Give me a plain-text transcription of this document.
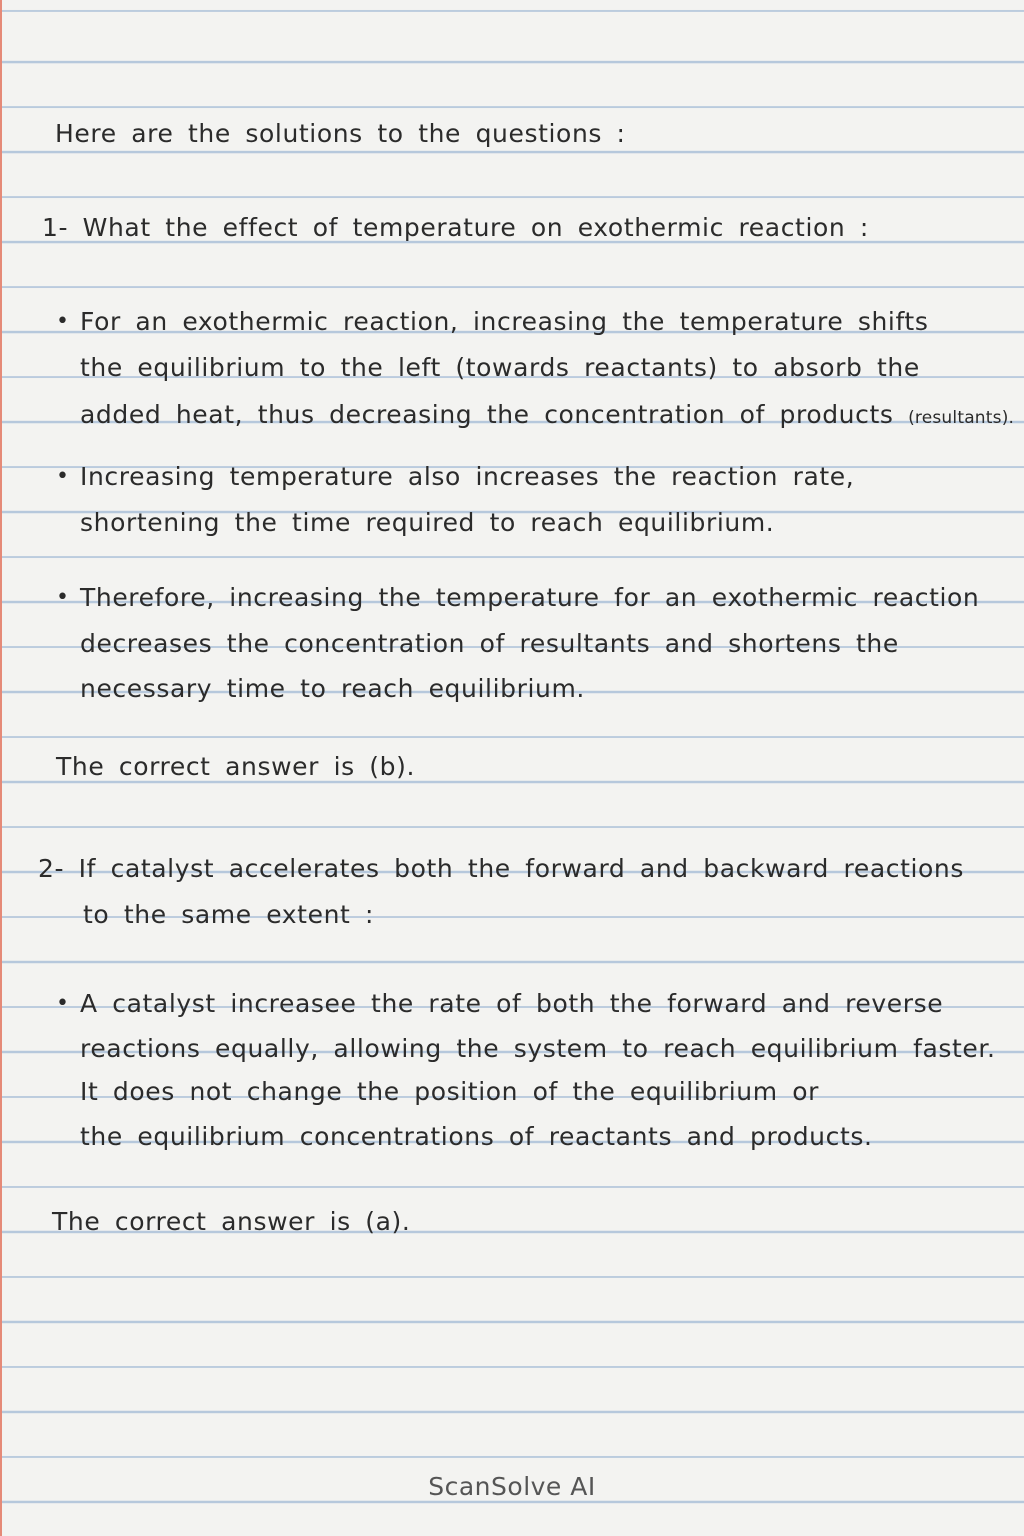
Here are the solutions to the questions :
1- What the effect of temperature on exothermic reaction :
• For an exothermic reaction, increasing the temperature shifts
the equilibrium to the left (towards reactants) to absorb the
added heat, thus decreasing the concentration of products (resultants).
• Increasing temperature also increases the reaction rate,
shortening the time required to reach equilibrium.
• Therefore, increasing the temperature for an exothermic reaction
decreases the concentration of resultants and shortens the
necessary time to reach equilibrium.
The correct answer is (b).
2- If catalyst accelerates both the forward and backward reactions
to the same extent :
• A catalyst increasee the rate of both the forward and reverse
reactions equally, allowing the system to reach equilibrium faster.
It does not change the position of the equilibrium or
the equilibrium concentrations of reactants and products.
The correct answer is (a).
ScanSolve AI
